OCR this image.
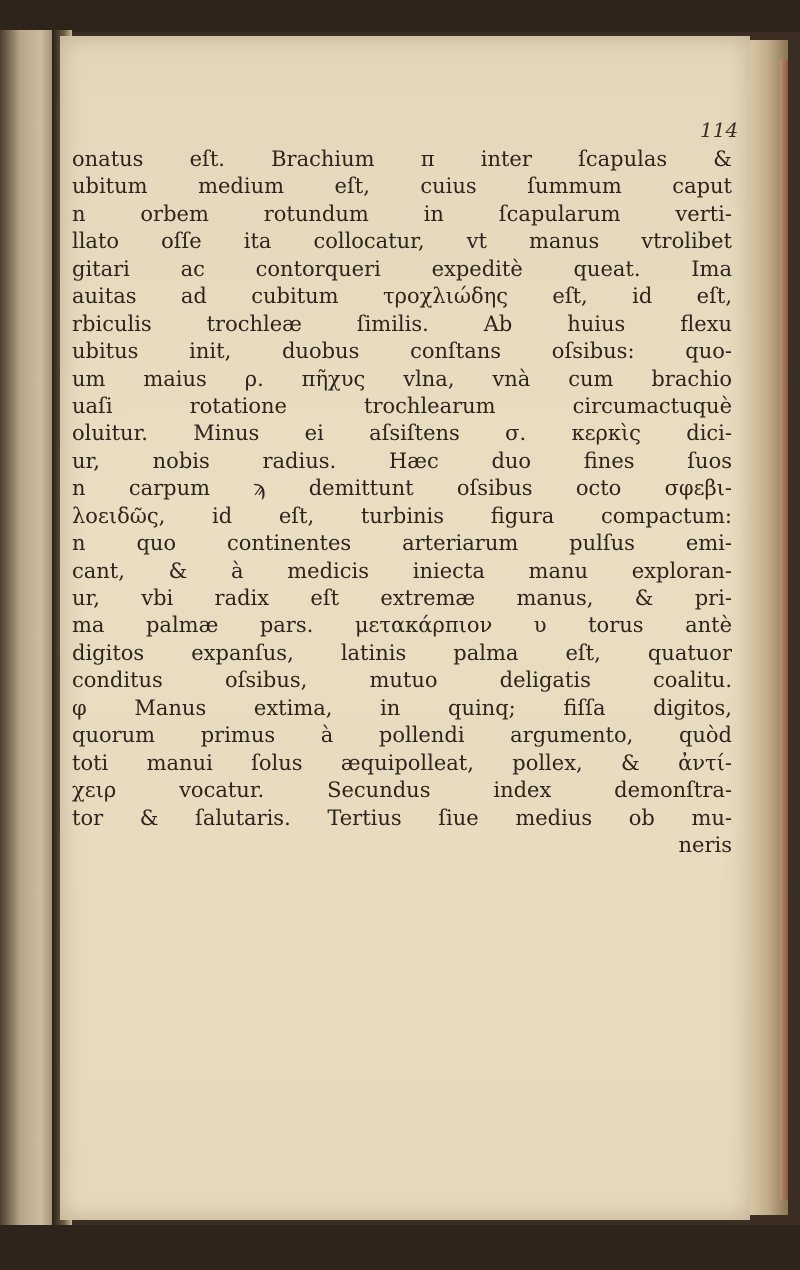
114
onatus eſt. Brachium π inter ſcapulas &
ubitum medium eſt, cuius ſummum caput
n orbem rotundum in ſcapularum verti-
llato oſſe ita collocatur, vt manus vtrolibet
gitari ac contorqueri expeditè queat. Ima
auitas ad cubitum τροχλιώδης eſt, id eſt,
rbiculis trochleæ ſimilis. Ab huius flexu
ubitus init, duobus conſtans oſsibus: quo-
um maius ρ. πῆχυς vlna, vnà cum brachio
uaſi rotatione trochlearum circumactuquè
oluitur. Minus ei aſsiſtens σ. κερκὶς dici-
ur, nobis radius. Hæc duo fines ſuos
n carpum ϡ demittunt oſsibus octo σφεβι-
λοειδῶς, id eſt, turbinis figura compactum:
n quo continentes arteriarum pulſus emi-
cant, & à medicis iniecta manu exploran-
ur, vbi radix eſt extremæ manus, & pri-
ma palmæ pars. μετακάρπιον υ torus antè
digitos expanſus, latinis palma eſt, quatuor
conditus oſsibus, mutuo deligatis coalitu.
φ Manus extima, in quinq; fiſſa digitos,
quorum primus à pollendi argumento, quòd
toti manui ſolus æquipolleat, pollex, & ἀντί-
χειρ vocatur. Secundus index demonſtra-
tor & ſalutaris. Tertius ſiue medius ob mu-
neris
